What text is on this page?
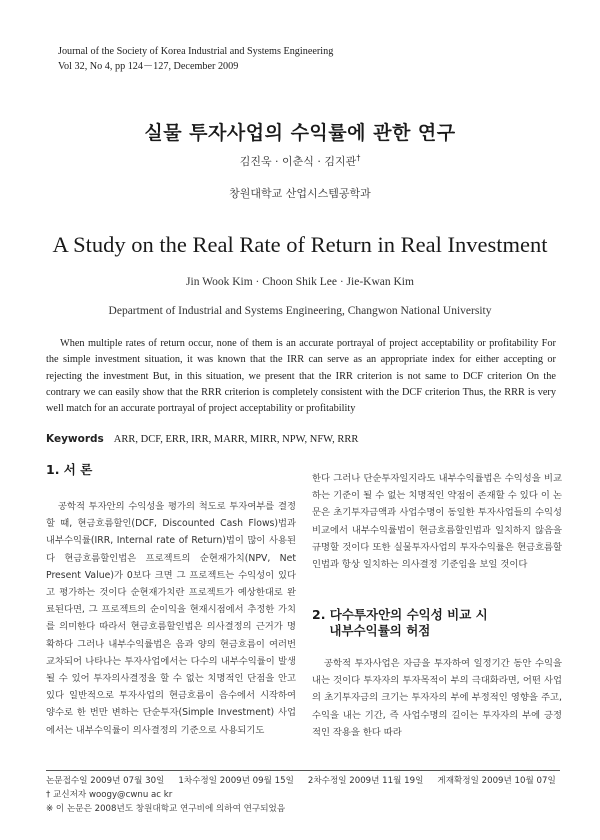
Journal of the Society of Korea Industrial and Systems Engineering
Vol 32, No 4, pp 124－127, December 2009
실물 투자사업의 수익률에 관한 연구
김진욱 · 이춘식 · 김지관†
창원대학교 산업시스템공학과
A Study on the Real Rate of Return in Real Investment
Jin Wook Kim · Choon Shik Lee · Jie-Kwan Kim
Department of Industrial and Systems Engineering, Changwon National University

When multiple rates of return occur, none of them is an accurate portrayal of project acceptability or profitability For the simple investment situation, it was known that the IRR can serve as an appropriate index for either accepting or rejecting the investment But, in this situation, we present that the IRR criterion is not same to DCF criterion On the contrary we can easily show that the RRR criterion is completely consistent with the DCF criterion Thus, the RRR is very well match for an accurate portrayal of project acceptability or profitability

Keywords ARR, DCF, ERR, IRR, MARR, MIRR, NPW, NFW, RRR
1. 서 론

공학적 투자안의 수익성을 평가의 척도로 투자여부를 결정할 때, 현금흐름할인(DCF, Discounted Cash Flows)법과 내부수익률(IRR, Internal rate of Return)법이 많이 사용된다 현금흐름할인법은 프로젝트의 순현재가치(NPV, Net Present Value)가 0보다 크면 그 프로젝트는 수익성이 있다고 평가하는 것이다 순현재가치란 프로젝트가 예상한대로 완료된다면, 그 프로젝트의 순이익을 현재시점에서 추정한 가치를 의미한다 따라서 현금흐름할인법은 의사결정의 근거가 명확하다 그러나 내부수익률법은 음과 양의 현금흐름이 여러번 교차되어 나타나는 투자사업에서는 다수의 내부수익률이 발생될 수 있어 투자의사결정을 할 수 없는 치명적인 단점을 안고 있다 일반적으로 투자사업의 현금흐름이 음수에서 시작하여 양수로 한 번만 변하는 단순투자(Simple Investment) 사업에서는 내부수익률이 의사결정의 기준으로 사용되기도

한다 그러나 단순투자일지라도 내부수익률법은 수익성을 비교하는 기준이 될 수 없는 치명적인 약점이 존재할 수 있다 이 논문은 초기투자금액과 사업수명이 동일한 투자사업들의 수익성 비교에서 내부수익률법이 현금흐름할인법과 일치하지 않음을 규명할 것이다 또한 실물투자사업의 투자수익률은 현금흐름할인법과 항상 일치하는 의사결정 기준임을 보일 것이다

2. 다수투자안의 수익성 비교 시
내부수익률의 허점

공학적 투자사업은 자금을 투자하여 일정기간 동안 수익을 내는 것이다 투자자의 투자목적이 부의 극대화라면, 어떤 사업의 초기투자금의 크기는 투자자의 부에 부정적인 영향을 주고, 수익을 내는 기간, 즉 사업수명의 길이는 투자자의 부에 긍정적인 작용을 한다 따라

논문접수일 2009년 07월 30일 1차수정일 2009년 09월 15일 2차수정일 2009년 11월 19일 게재확정일 2009년 10월 07일
† 교신저자 woogy@cwnu ac kr
※ 이 논문은 2008년도 창원대학교 연구비에 의하여 연구되었음
